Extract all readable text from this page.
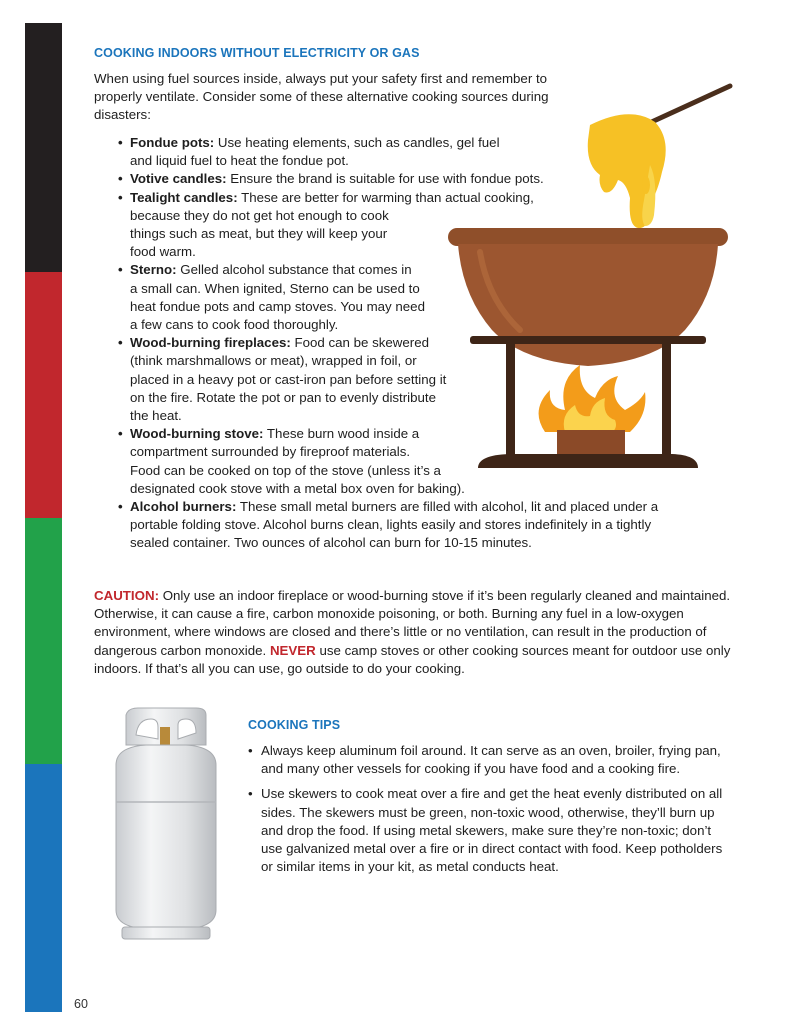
COOKING INDOORS WITHOUT ELECTRICITY OR GAS
When using fuel sources inside, always put your safety first and remember to properly ventilate. Consider some of these alternative cooking sources during disasters:
• Fondue pots: Use heating elements, such as candles, gel fuel
and liquid fuel to heat the fondue pot.
• Votive candles: Ensure the brand is suitable for use with fondue pots.
• Tealight candles: These are better for warming than actual cooking,
because they do not get hot enough to cook
things such as meat, but they will keep your
food warm.
• Sterno: Gelled alcohol substance that comes in
a small can. When ignited, Sterno can be used to
heat fondue pots and camp stoves. You may need
a few cans to cook food thoroughly.
• Wood-burning fireplaces: Food can be skewered
(think marshmallows or meat), wrapped in foil, or
placed in a heavy pot or cast-iron pan before setting it
on the fire. Rotate the pot or pan to evenly distribute
the heat.
• Wood-burning stove: These burn wood inside a
compartment surrounded by fireproof materials.
Food can be cooked on top of the stove (unless it’s a
designated cook stove with a metal box oven for baking).
• Alcohol burners: These small metal burners are filled with alcohol, lit and placed under a
portable folding stove. Alcohol burns clean, lights easily and stores indefinitely in a tightly
sealed container. Two ounces of alcohol can burn for 10-15 minutes.
CAUTION: Only use an indoor fireplace or wood-burning stove if it’s been regularly cleaned and maintained. Otherwise, it can cause a fire, carbon monoxide poisoning, or both. Burning any fuel in a low-oxygen environment, where windows are closed and there’s little or no ventilation, can result in the production of dangerous carbon monoxide. NEVER use camp stoves or other cooking sources meant for outdoor use only indoors. If that’s all you can use, go outside to do your cooking.
COOKING TIPS
• Always keep aluminum foil around. It can serve as an oven, broiler, frying pan, and many other vessels for cooking if you have food and a cooking fire.
• Use skewers to cook meat over a fire and get the heat evenly distributed on all sides. The skewers must be green, non-toxic wood, otherwise, they’ll burn up and drop the food. If using metal skewers, make sure they’re non-toxic; don’t use galvanized metal over a fire or in direct contact with food. Keep potholders or similar items in your kit, as metal conducts heat.
60
